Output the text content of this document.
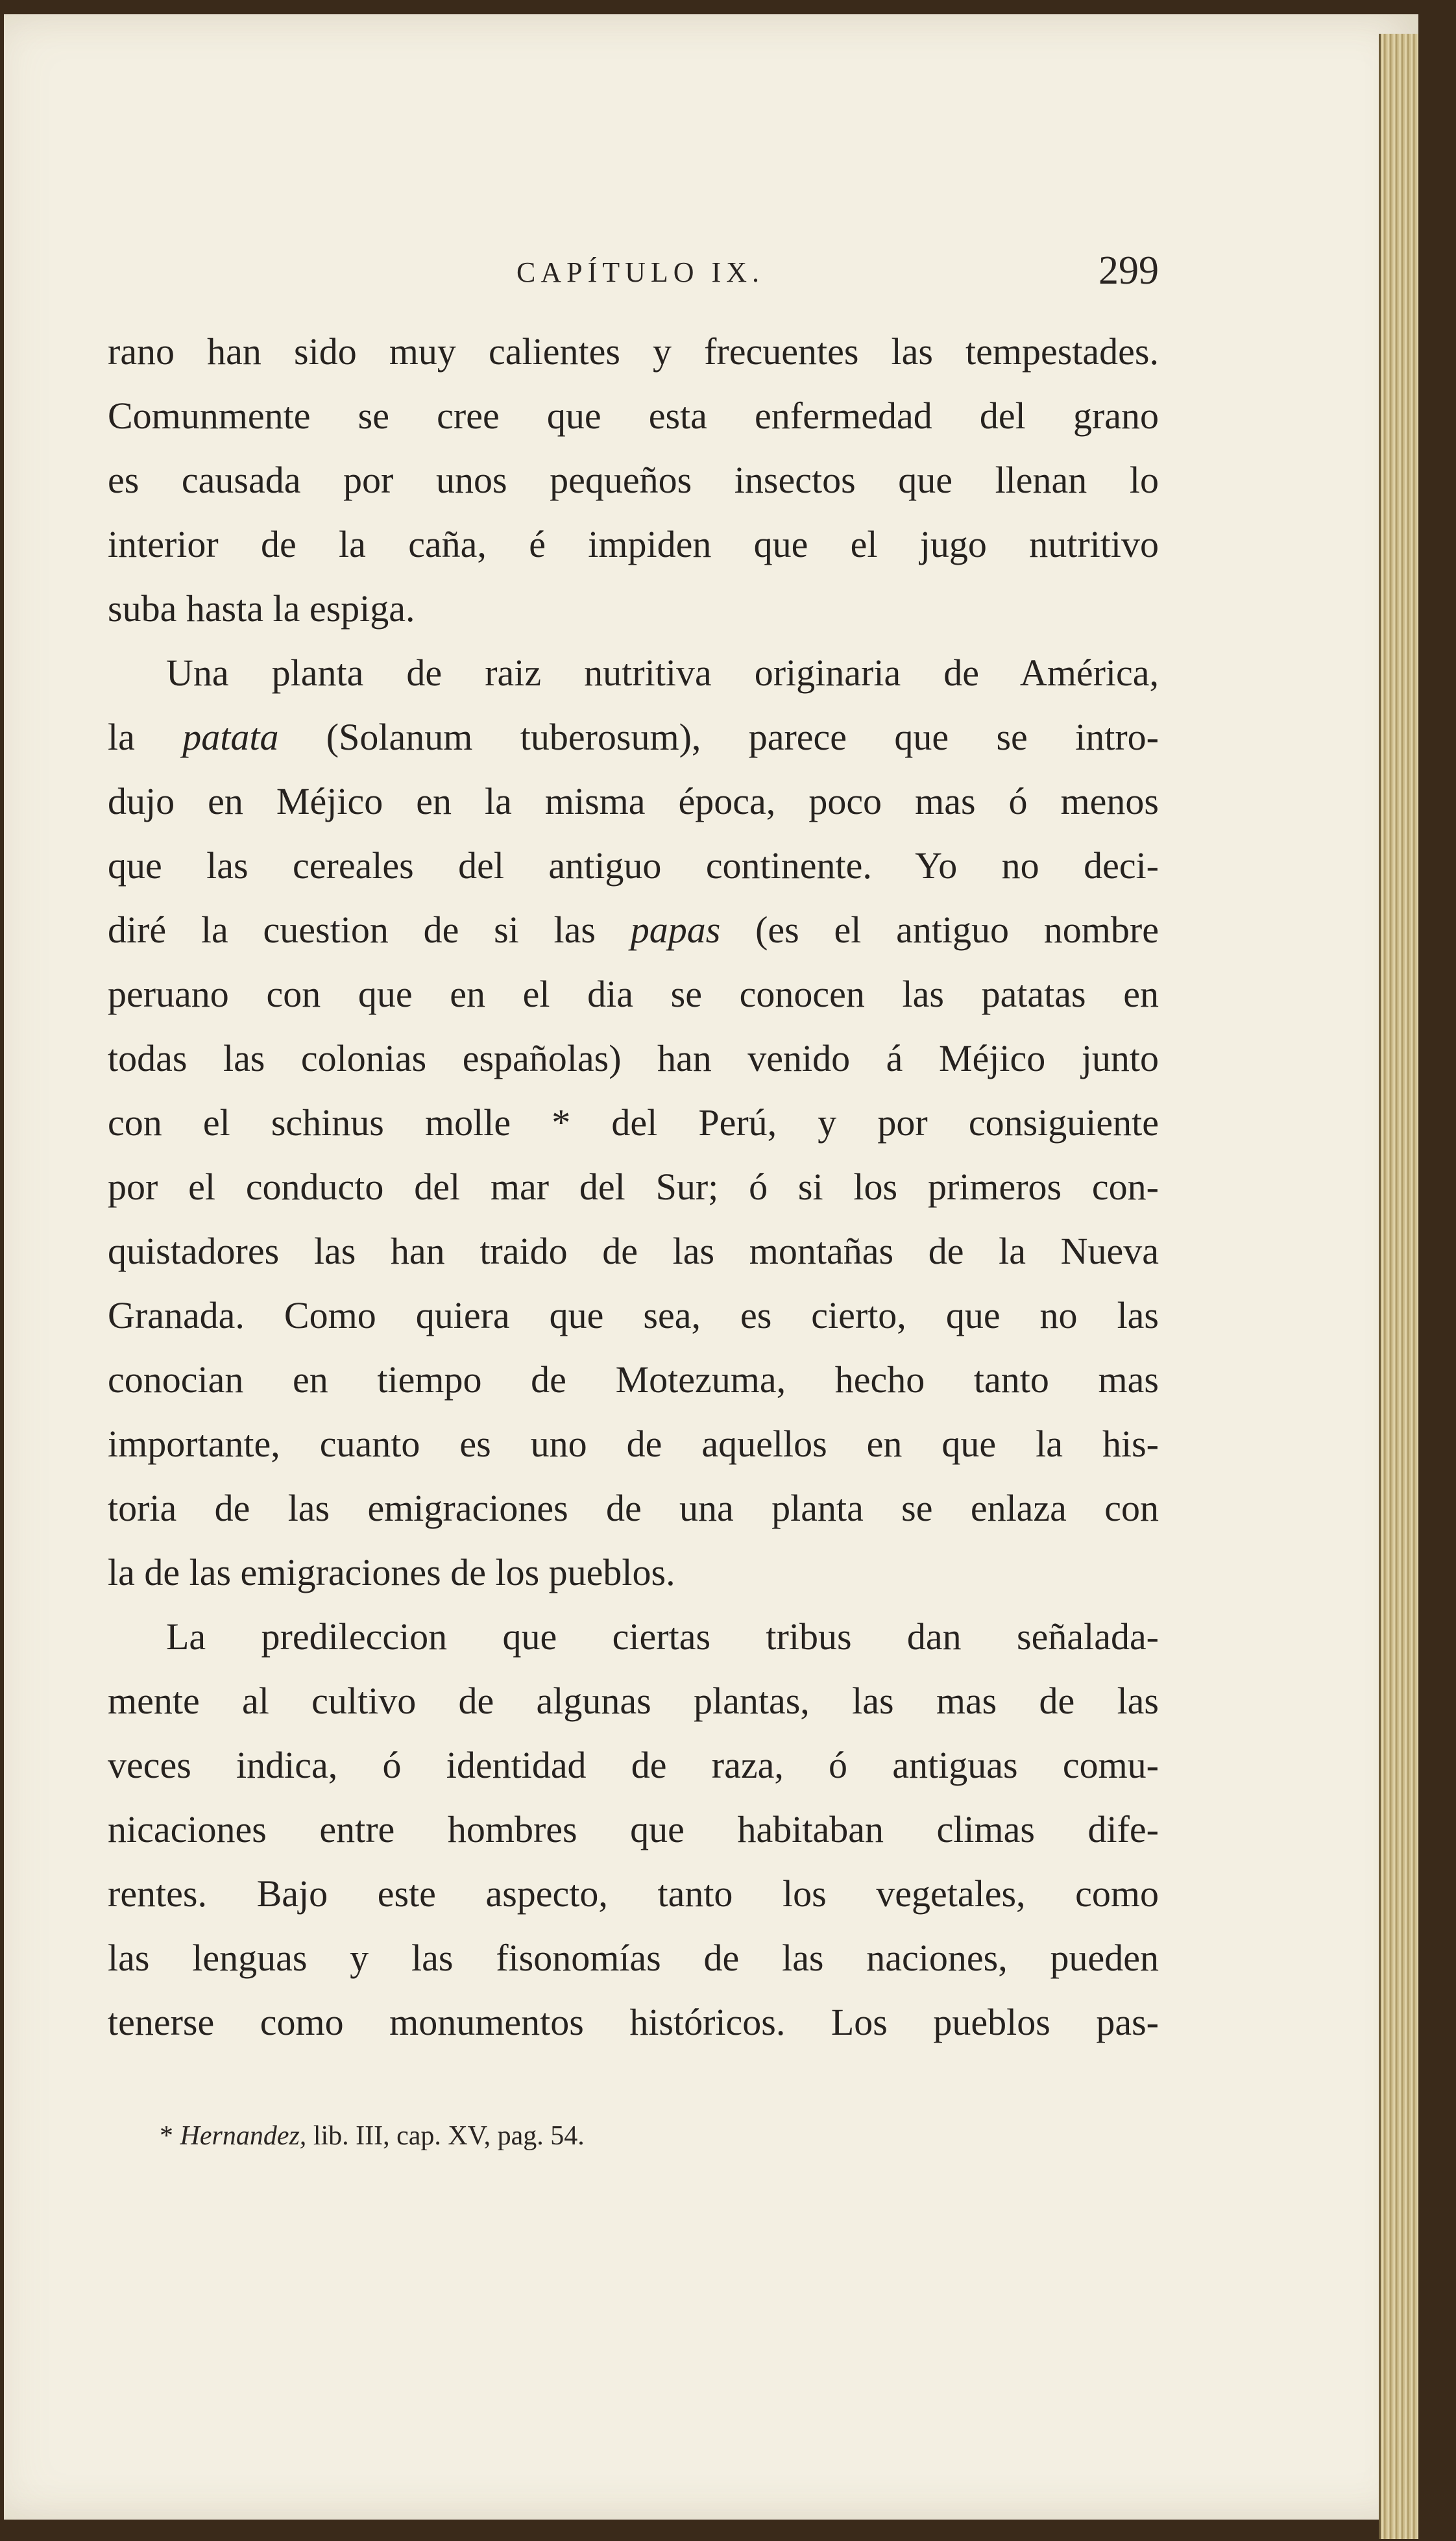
CAPÍTULO IX.	299
rano han sido muy calientes y frecuentes las tempestades.
Comunmente se cree que esta enfermedad del grano
es causada por unos pequeños insectos que llenan lo
interior de la caña, é impiden que el jugo nutritivo
suba hasta la espiga.
Una planta de raiz nutritiva originaria de América,
la patata (Solanum tuberosum), parece que se intro-
dujo en Méjico en la misma época, poco mas ó menos
que las cereales del antiguo continente. Yo no deci-
diré la cuestion de si las papas (es el antiguo nombre
peruano con que en el dia se conocen las patatas en
todas las colonias españolas) han venido á Méjico junto
con el schinus molle * del Perú, y por consiguiente
por el conducto del mar del Sur; ó si los primeros con-
quistadores las han traido de las montañas de la Nueva
Granada. Como quiera que sea, es cierto, que no las
conocian en tiempo de Motezuma, hecho tanto mas
importante, cuanto es uno de aquellos en que la his-
toria de las emigraciones de una planta se enlaza con
la de las emigraciones de los pueblos.
La predileccion que ciertas tribus dan señalada-
mente al cultivo de algunas plantas, las mas de las
veces indica, ó identidad de raza, ó antiguas comu-
nicaciones entre hombres que habitaban climas dife-
rentes. Bajo este aspecto, tanto los vegetales, como
las lenguas y las fisonomías de las naciones, pueden
tenerse como monumentos históricos. Los pueblos pas-
* Hernandez, lib. III, cap. XV, pag. 54.
